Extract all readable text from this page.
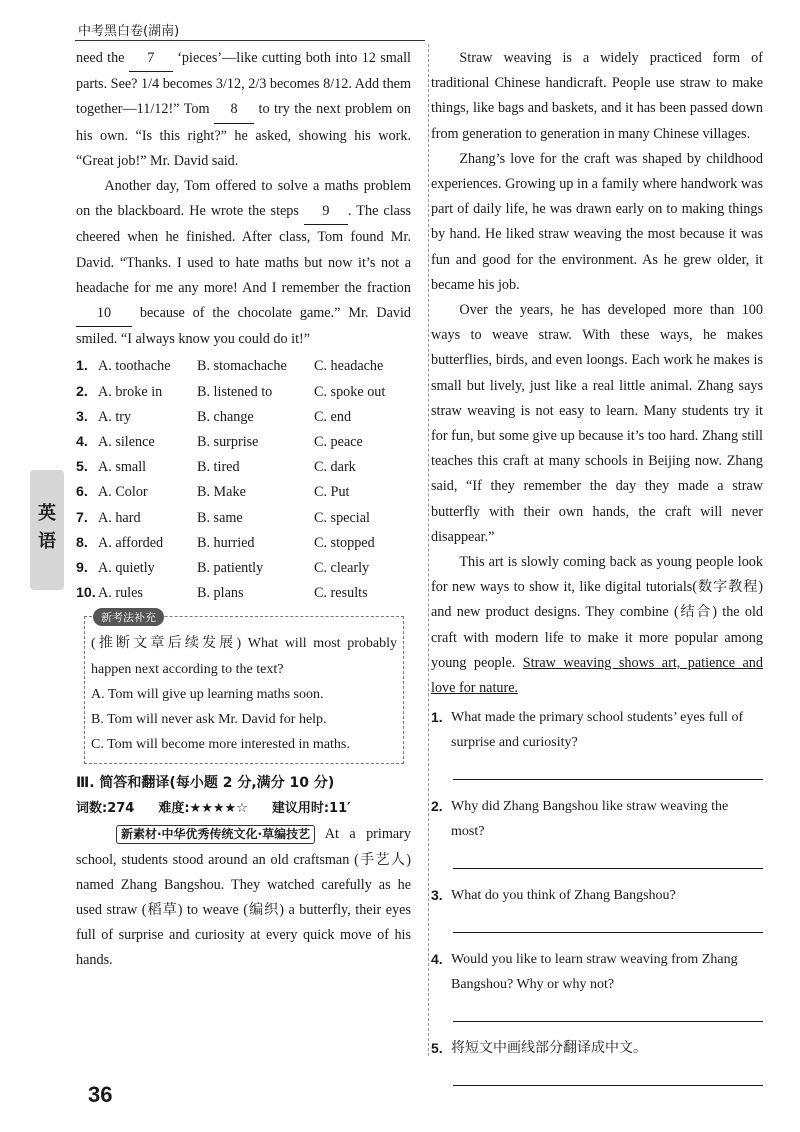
中考黑白卷(湖南)
英语

need the 7 ‘pieces’—like cutting both into 12 small parts. See? 1/4 becomes 3/12, 2/3 becomes 8/12. Add them together—11/12!” Tom 8 to try the next problem on his own. “Is this right?” he asked, showing his work. “Great job!” Mr. David said.

Another day, Tom offered to solve a maths problem on the blackboard. He wrote the steps 9 . The class cheered when he finished. After class, Tom found Mr. David. “Thanks. I used to hate maths but now it’s not a headache for me any more! And I remember the fraction 10 because of the chocolate game.” Mr. David smiled. “I always know you could do it!”

1. A. toothache	B. stomachache	C. headache
2. A. broke in	B. listened to	C. spoke out
3. A. try	B. change	C. end
4. A. silence	B. surprise	C. peace
5. A. small	B. tired	C. dark
6. A. Color	B. Make	C. Put
7. A. hard	B. same	C. special
8. A. afforded	B. hurried	C. stopped
9. A. quietly	B. patiently	C. clearly
10. A. rules	B. plans	C. results
新考法补充

(推断文章后续发展) What will most probably happen next according to the text?

A. Tom will give up learning maths soon.

B. Tom will never ask Mr. David for help.

C. Tom will become more interested in maths.

Ⅲ. 简答和翻译(每小题 2 分,满分 10 分)
词数:274 难度:★★★★☆ 建议用时:11′

新素材·中华优秀传统文化·草编技艺 At a primary school, students stood around an old craftsman (手艺人) named Zhang Bangshou. They watched carefully as he used straw (稻草) to weave (编织) a butterfly, their eyes full of surprise and curiosity at every quick move of his hands.

Straw weaving is a widely practiced form of traditional Chinese handicraft. People use straw to make things, like bags and baskets, and it has been passed down from generation to generation in many Chinese villages.

Zhang’s love for the craft was shaped by childhood experiences. Growing up in a family where handwork was part of daily life, he was drawn early on to making things by hand. He liked straw weaving the most because it was fun and good for the environment. As he grew older, it became his job.

Over the years, he has developed more than 100 ways to weave straw. With these ways, he makes butterflies, birds, and even loongs. Each work he makes is small but lively, just like a real little animal. Zhang says straw weaving is not easy to learn. Many students try it for fun, but some give up because it’s too hard. Zhang still teaches this craft at many schools in Beijing now. Zhang said, “If they remember the day they made a straw butterfly with their own hands, the craft will never disappear.”

This art is slowly coming back as young people look for new ways to show it, like digital tutorials(数字教程) and new product designs. They combine (结合) the old craft with modern life to make it more popular among young people. Straw weaving shows art, patience and love for nature.

1. What made the primary school students’ eyes full of surprise and curiosity?
2. Why did Zhang Bangshou like straw weaving the most?
3. What do you think of Zhang Bangshou?
4. Would you like to learn straw weaving from Zhang Bangshou? Why or why not?
5. 将短文中画线部分翻译成中文。
36
